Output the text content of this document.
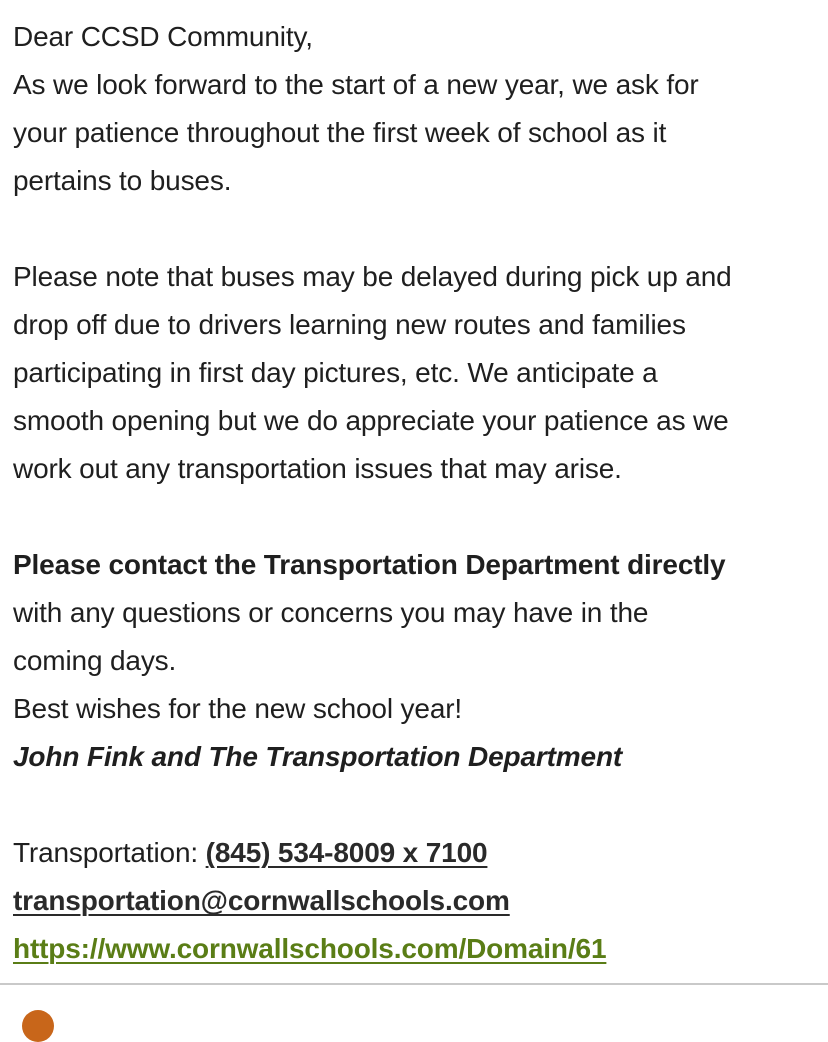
Dear CCSD Community,
As we look forward to the start of a new year, we ask for
your patience throughout the first week of school as it
pertains to buses.
Please note that buses may be delayed during pick up and
drop off due to drivers learning new routes and families
participating in first day pictures, etc. We anticipate a
smooth opening but we do appreciate your patience as we
work out any transportation issues that may arise.
Please contact the Transportation Department directly
with any questions or concerns you may have in the
coming days.
Best wishes for the new school year!
John Fink and The Transportation Department
Transportation: (845) 534-8009 x 7100
transportation@cornwallschools.com
https://www.cornwallschools.com/Domain/61
